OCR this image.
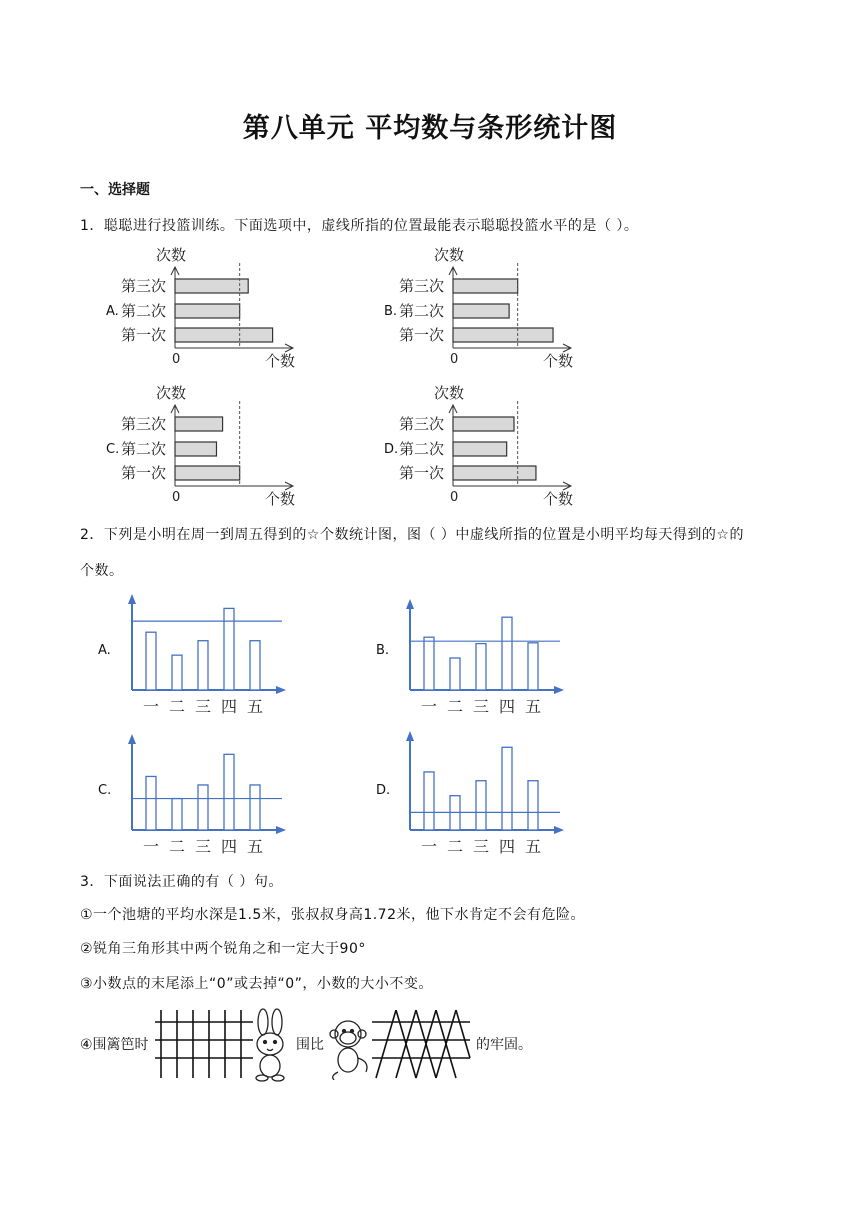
第八单元 平均数与条形统计图
一、选择题
1．聪聪进行投篮训练。下面选项中，虚线所指的位置最能表示聪聪投篮水平的是（ ）。
A.
次数
0	个数
第三次
第二次
第一次
B.
次数
0	个数
第三次
第二次
第一次
C.
次数
0	个数
第三次
第二次
第一次
D.
次数
0	个数
第三次
第二次
第一次
2．下列是小明在周一到周五得到的☆个数统计图，图（ ）中虚线所指的位置是小明平均每天得到的☆的
个数。
A.
一 二 三 四 五
B.
一 二 三 四 五
C.
一 二 三 四 五
D.
一 二 三 四 五
3．下面说法正确的有（ ）句。
①一个池塘的平均水深是1.5米，张叔叔身高1.72米，他下水肯定不会有危险。
②锐角三角形其中两个锐角之和一定大于90°
③小数点的末尾添上“0”或去掉“0”，小数的大小不变。
④围篱笆时	围比	的牢固。
